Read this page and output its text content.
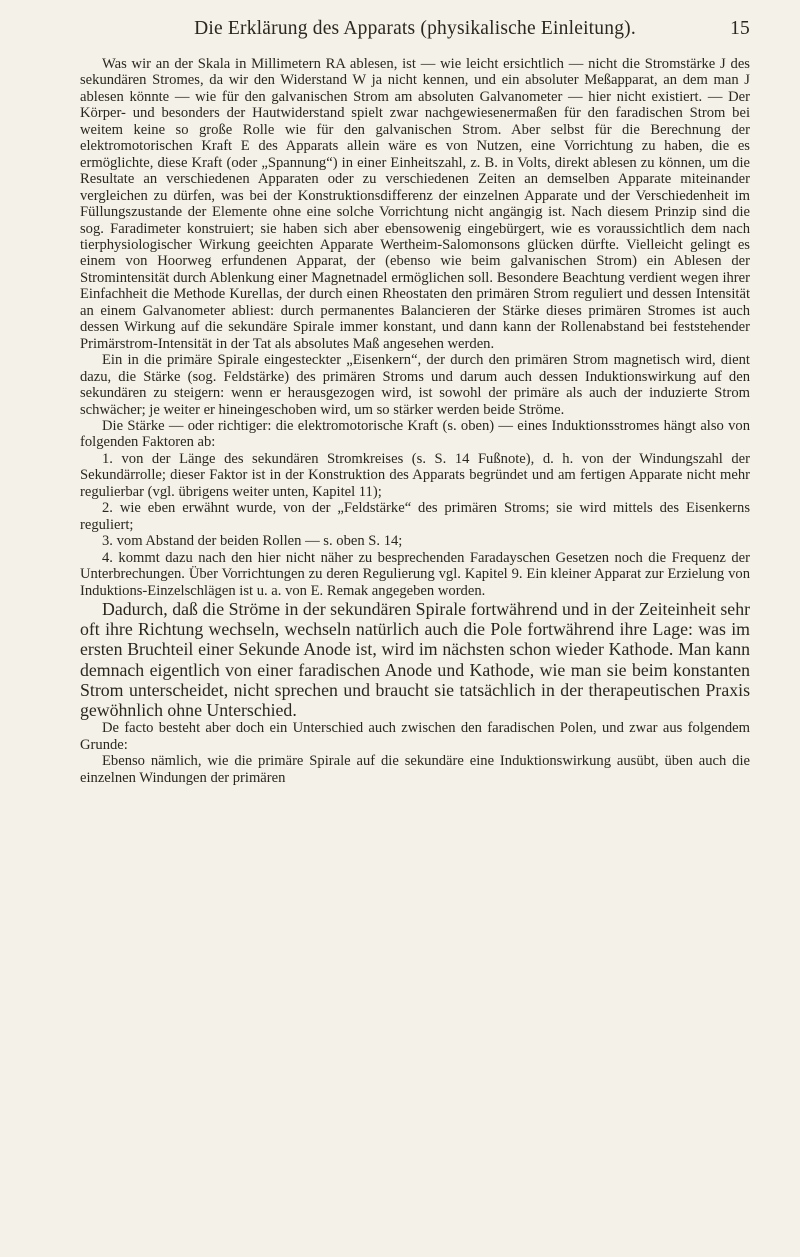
Die Erklärung des Apparats (physikalische Einleitung).	15

Was wir an der Skala in Millimetern RA ablesen, ist — wie leicht ersichtlich — nicht die Stromstärke J des sekundären Stromes, da wir den Widerstand W ja nicht kennen, und ein absoluter Meßapparat, an dem man J ablesen könnte — wie für den galvanischen Strom am absoluten Galvanometer — hier nicht existiert. — Der Körper- und besonders der Hautwiderstand spielt zwar nachgewiesenermaßen für den faradischen Strom bei weitem keine so große Rolle wie für den galvanischen Strom. Aber selbst für die Berechnung der elektromotorischen Kraft E des Apparats allein wäre es von Nutzen, eine Vorrichtung zu haben, die es ermöglichte, diese Kraft (oder „Spannung“) in einer Einheitszahl, z. B. in Volts, direkt ablesen zu können, um die Resultate an verschiedenen Apparaten oder zu verschiedenen Zeiten an demselben Apparate miteinander vergleichen zu dürfen, was bei der Konstruktionsdifferenz der einzelnen Apparate und der Verschiedenheit im Füllungszustande der Elemente ohne eine solche Vorrichtung nicht angängig ist. Nach diesem Prinzip sind die sog. Faradimeter konstruiert; sie haben sich aber ebensowenig eingebürgert, wie es voraussichtlich dem nach tierphysiologischer Wirkung geeichten Apparate Wertheim-Salomonsons glücken dürfte. Vielleicht gelingt es einem von Hoorweg erfundenen Apparat, der (ebenso wie beim galvanischen Strom) ein Ablesen der Stromintensität durch Ablenkung einer Magnetnadel ermöglichen soll. Besondere Beachtung verdient wegen ihrer Einfachheit die Methode Kurellas, der durch einen Rheostaten den primären Strom reguliert und dessen Intensität an einem Galvanometer abliest: durch permanentes Balancieren der Stärke dieses primären Stromes ist auch dessen Wirkung auf die sekundäre Spirale immer konstant, und dann kann der Rollenabstand bei feststehender Primärstrom-Intensität in der Tat als absolutes Maß angesehen werden.

Ein in die primäre Spirale eingesteckter „Eisenkern“, der durch den primären Strom magnetisch wird, dient dazu, die Stärke (sog. Feldstärke) des primären Stroms und darum auch dessen Induktionswirkung auf den sekundären zu steigern: wenn er herausgezogen wird, ist sowohl der primäre als auch der induzierte Strom schwächer; je weiter er hineingeschoben wird, um so stärker werden beide Ströme.

Die Stärke — oder richtiger: die elektromotorische Kraft (s. oben) — eines Induktionsstromes hängt also von folgenden Faktoren ab:

1. von der Länge des sekundären Stromkreises (s. S. 14 Fußnote), d. h. von der Windungszahl der Sekundärrolle; dieser Faktor ist in der Konstruktion des Apparats begründet und am fertigen Apparate nicht mehr regulierbar (vgl. übrigens weiter unten, Kapitel 11);

2. wie eben erwähnt wurde, von der „Feldstärke“ des primären Stroms; sie wird mittels des Eisenkerns reguliert;

3. vom Abstand der beiden Rollen — s. oben S. 14;

4. kommt dazu nach den hier nicht näher zu besprechenden Faradayschen Gesetzen noch die Frequenz der Unterbrechungen. Über Vorrichtungen zu deren Regulierung vgl. Kapitel 9. Ein kleiner Apparat zur Erzielung von Induktions-Einzelschlägen ist u. a. von E. Remak angegeben worden.

Dadurch, daß die Ströme in der sekundären Spirale fortwährend und in der Zeiteinheit sehr oft ihre Richtung wechseln, wechseln natürlich auch die Pole fortwährend ihre Lage: was im ersten Bruchteil einer Sekunde Anode ist, wird im nächsten schon wieder Kathode. Man kann demnach eigentlich von einer faradischen Anode und Kathode, wie man sie beim konstanten Strom unterscheidet, nicht sprechen und braucht sie tatsächlich in der therapeutischen Praxis gewöhnlich ohne Unterschied.

De facto besteht aber doch ein Unterschied auch zwischen den faradischen Polen, und zwar aus folgendem Grunde:

Ebenso nämlich, wie die primäre Spirale auf die sekundäre eine Induktionswirkung ausübt, üben auch die einzelnen Windungen der primären
